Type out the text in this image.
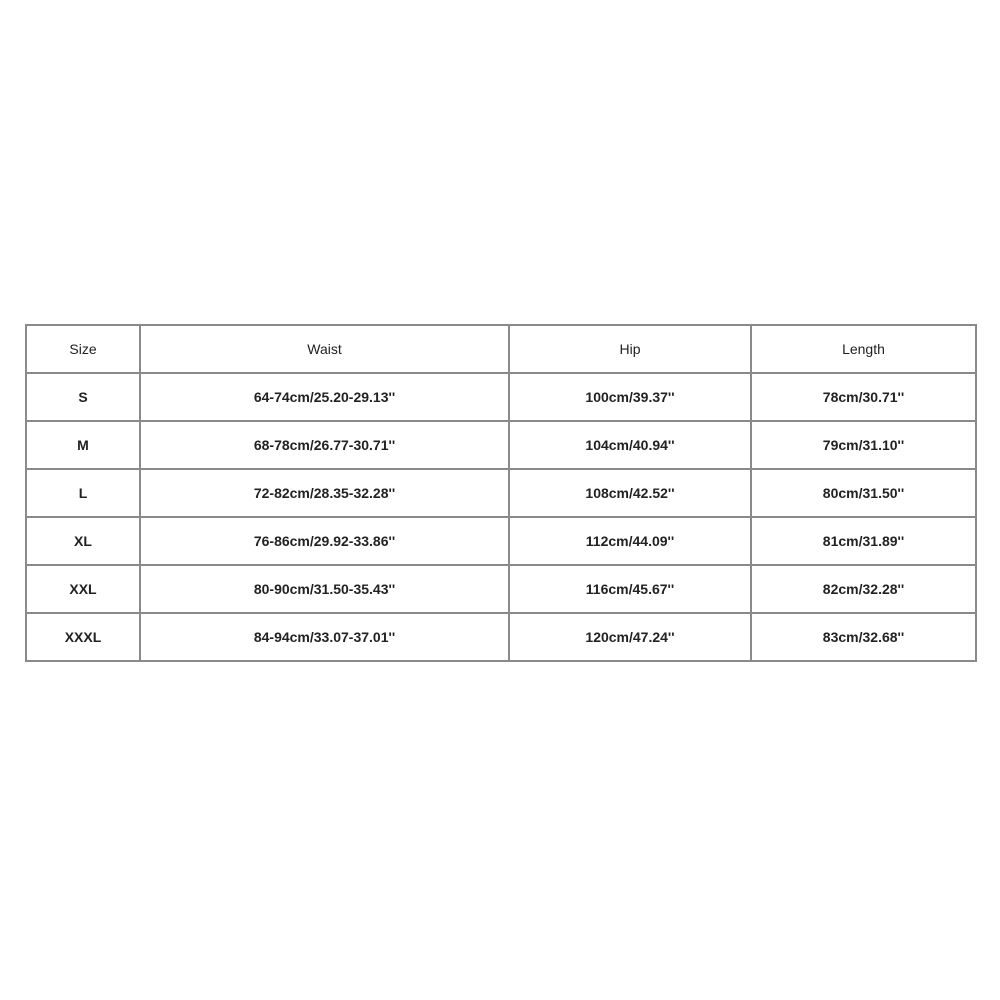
Size	Waist	Hip	Length
S	64-74cm/25.20-29.13''	100cm/39.37''	78cm/30.71''
M	68-78cm/26.77-30.71''	104cm/40.94''	79cm/31.10''
L	72-82cm/28.35-32.28''	108cm/42.52''	80cm/31.50''
XL	76-86cm/29.92-33.86''	112cm/44.09''	81cm/31.89''
XXL	80-90cm/31.50-35.43''	116cm/45.67''	82cm/32.28''
XXXL	84-94cm/33.07-37.01''	120cm/47.24''	83cm/32.68''
